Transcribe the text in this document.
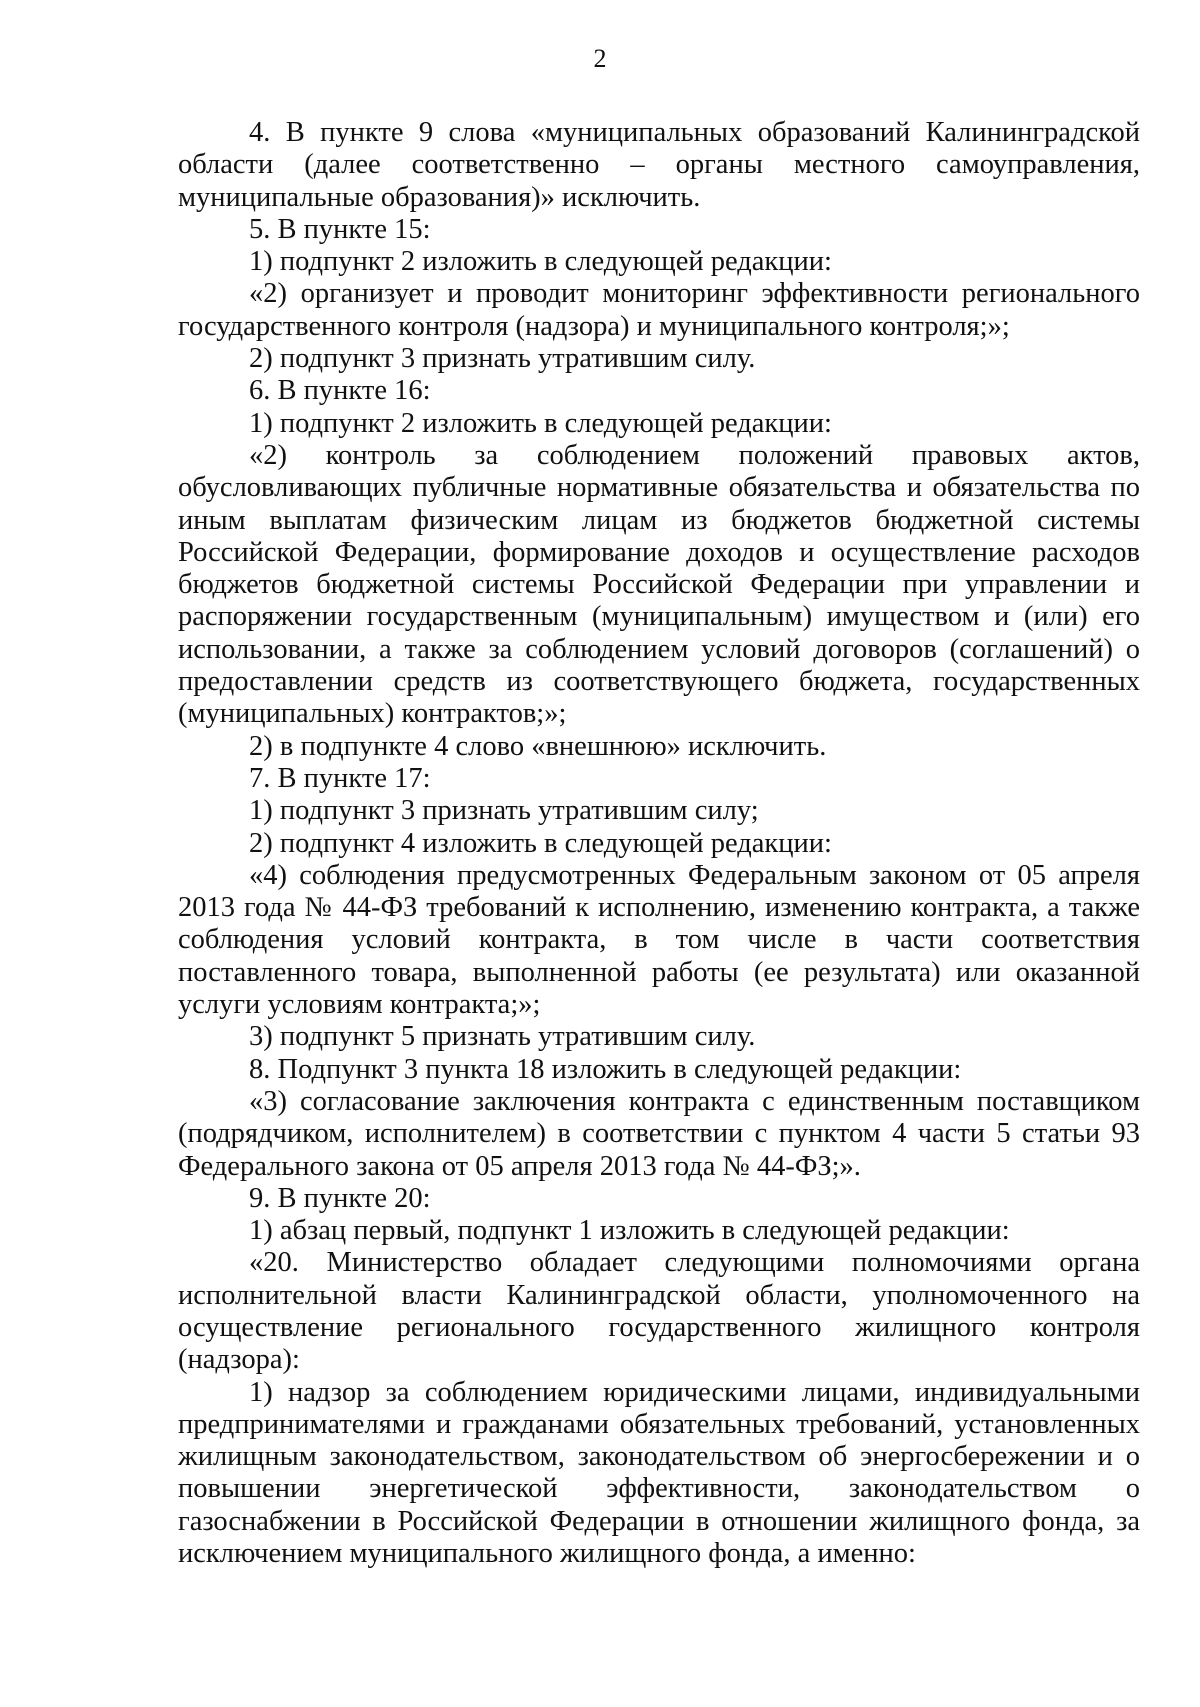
2

4. В пункте 9 слова «муниципальных образований Калининградской области (далее соответственно – органы местного самоуправления, муниципальные образования)» исключить.

5. В пункте 15:

1) подпункт 2 изложить в следующей редакции:

«2) организует и проводит мониторинг эффективности регионального государственного контроля (надзора) и муниципального контроля;»;

2) подпункт 3 признать утратившим силу.

6. В пункте 16:

1) подпункт 2 изложить в следующей редакции:

«2) контроль за соблюдением положений правовых актов, обусловливающих публичные нормативные обязательства и обязательства по иным выплатам физическим лицам из бюджетов бюджетной системы Российской Федерации, формирование доходов и осуществление расходов бюджетов бюджетной системы Российской Федерации при управлении и распоряжении государственным (муниципальным) имуществом и (или) его использовании, а также за соблюдением условий договоров (соглашений) о предоставлении средств из соответствующего бюджета, государственных (муниципальных) контрактов;»;

2) в подпункте 4 слово «внешнюю» исключить.

7. В пункте 17:

1) подпункт 3 признать утратившим силу;

2) подпункт 4 изложить в следующей редакции:

«4) соблюдения предусмотренных Федеральным законом от 05 апреля 2013 года № 44-ФЗ требований к исполнению, изменению контракта, а также соблюдения условий контракта, в том числе в части соответствия поставленного товара, выполненной работы (ее результата) или оказанной услуги условиям контракта;»;

3) подпункт 5 признать утратившим силу.

8. Подпункт 3 пункта 18 изложить в следующей редакции:

«3) согласование заключения контракта с единственным поставщиком (подрядчиком, исполнителем) в соответствии с пунктом 4 части 5 статьи 93 Федерального закона от 05 апреля 2013 года № 44-ФЗ;».

9. В пункте 20:

1) абзац первый, подпункт 1 изложить в следующей редакции:

«20. Министерство обладает следующими полномочиями органа исполнительной власти Калининградской области, уполномоченного на осуществление регионального государственного жилищного контроля (надзора):

1) надзор за соблюдением юридическими лицами, индивидуальными предпринимателями и гражданами обязательных требований, установленных жилищным законодательством, законодательством об энергосбережении и о повышении энергетической эффективности, законодательством о газоснабжении в Российской Федерации в отношении жилищного фонда, за исключением муниципального жилищного фонда, а именно:
